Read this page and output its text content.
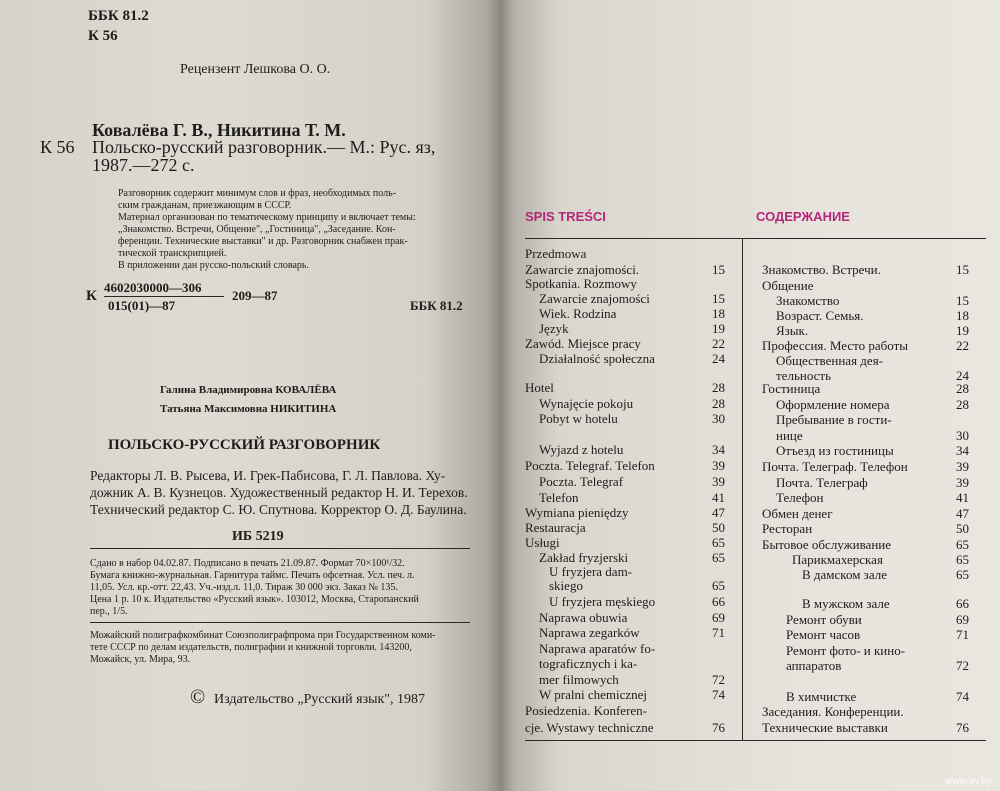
ББК 81.2
К 56
Рецензент Лешкова О. О.
Ковалёва Г. В., Никитина Т. М.
К 56 Польско-русский разговорник.— М.: Рус. яз,
1987.—272 с.
Разговорник содержит минимум слов и фраз, необходимых поль-
ским гражданам, приезжающим в СССР.
Материал организован по тематическому принципу и включает темы:
„Знакомство. Встречи, Общение", „Гостиница", „Заседание. Кон-
ференции. Технические выставки" и др. Разговорник снабжен прак-
тической транскрипцией.
В приложении дан русско-польский словарь.
К
4602030000—306
015(01)—87
209—87
ББК 81.2
Галина Владимировна КОВАЛЁВА
Татьяна Максимовна НИКИТИНА
ПОЛЬСКО-РУССКИЙ РАЗГОВОРНИК
Редакторы Л. В. Рысева, И. Грек-Пабисова, Г. Л. Павлова. Ху-
дожник А. В. Кузнецов. Художественный редактор Н. И. Терехов.
Технический редактор С. Ю. Спутнова. Корректор О. Д. Баулина.
ИБ 5219
Сдано в набор 04.02.87. Подписано в печать 21.09.87. Формат 70×100¹/32.
Бумага книжно-журнальная. Гарнитура таймс. Печать офсетная. Усл. печ. л.
11,05. Усл. кр.-отт. 22,43. Уч.-изд.л. 11,0. Тираж 30 000 экз. Заказ № 135.
Цена 1 р. 10 к. Издательство «Русский язык». 103012, Москва, Старопанский
пер., 1/5.
Можайский полиграфкомбинат Союзполиграфпрома при Государственном коми-
тете СССР по делам издательств, полиграфии и книжной торговли. 143200,
Можайск, ул. Мира, 93.
© Издательство „Русский язык", 1987
SPIS TREŚCI	СОДЕРЖАНИЕ
Przedmowa
Zawarcie znajomości.	15
Spotkania. Rozmowy
Zawarcie znajomości	15
Wiek. Rodzina	18
Język	19
Zawód. Miejsce pracy	22
Działalność społeczna	24
Hotel	28
Wynajęcie pokoju	28
Pobyt w hotelu	30
Wyjazd z hotelu	34
Poczta. Telegraf. Telefon	39
Poczta. Telegraf	39
Telefon	41
Wymiana pieniędzy	47
Restauracja	50
Usługi	65
Zakład fryzjerski	65
U fryzjera dam-
skiego	65
U fryzjera męskiego	66
Naprawa obuwia	69
Naprawa zegarków	71
Naprawa aparatów fo-
tograficznych i ka-
mer filmowych	72
W pralni chemicznej	74
Posiedzenia. Konferen-
cje. Wystawy techniczne	76
Знакомство. Встречи.	15
Общение
Знакомство	15
Возраст. Семья.	18
Язык.	19
Профессия. Место работы	22
Общественная дея-
тельность	24
Гостиница	28
Оформление номера	28
Пребывание в гости-
нице	30
Отъезд из гостиницы	34
Почта. Телеграф. Телефон	39
Почта. Телеграф	39
Телефон	41
Обмен денег	47
Ресторан	50
Бытовое обслуживание	65
Парикмахерская	65
В дамском зале	65
В мужском зале	66
Ремонт обуви	69
Ремонт часов	71
Ремонт фото- и кино-
аппаратов	72
В химчистке	74
Заседания. Конференции.
Технические выставки	76
www.ay.by
